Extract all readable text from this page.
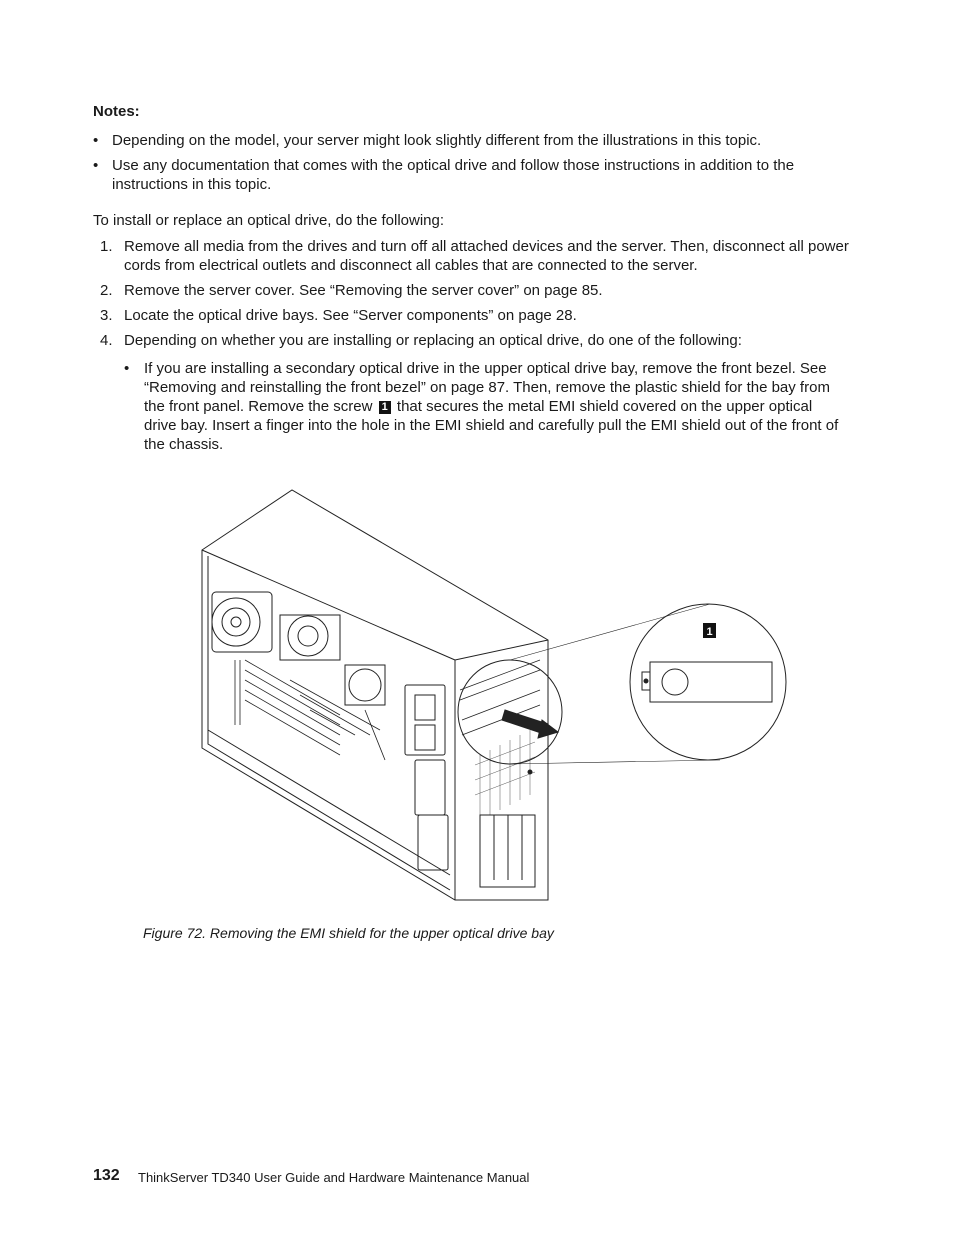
Notes:
• Depending on the model, your server might look slightly different from the illustrations in this topic.
• Use any documentation that comes with the optical drive and follow those instructions in addition to the instructions in this topic.
To install or replace an optical drive, do the following:
1. Remove all media from the drives and turn off all attached devices and the server. Then, disconnect all power cords from electrical outlets and disconnect all cables that are connected to the server.
2. Remove the server cover. See “Removing the server cover” on page 85.
3. Locate the optical drive bays. See “Server components” on page 28.
4. Depending on whether you are installing or replacing an optical drive, do one of the following:
• If you are installing a secondary optical drive in the upper optical drive bay, remove the front bezel. See “Removing and reinstalling the front bezel” on page 87. Then, remove the plastic shield for the bay from the front panel. Remove the screw 1 that secures the metal EMI shield covered on the upper optical drive bay. Insert a finger into the hole in the EMI shield and carefully pull the EMI shield out of the front of the chassis.
1
Figure 72. Removing the EMI shield for the upper optical drive bay
132 ThinkServer TD340 User Guide and Hardware Maintenance Manual
